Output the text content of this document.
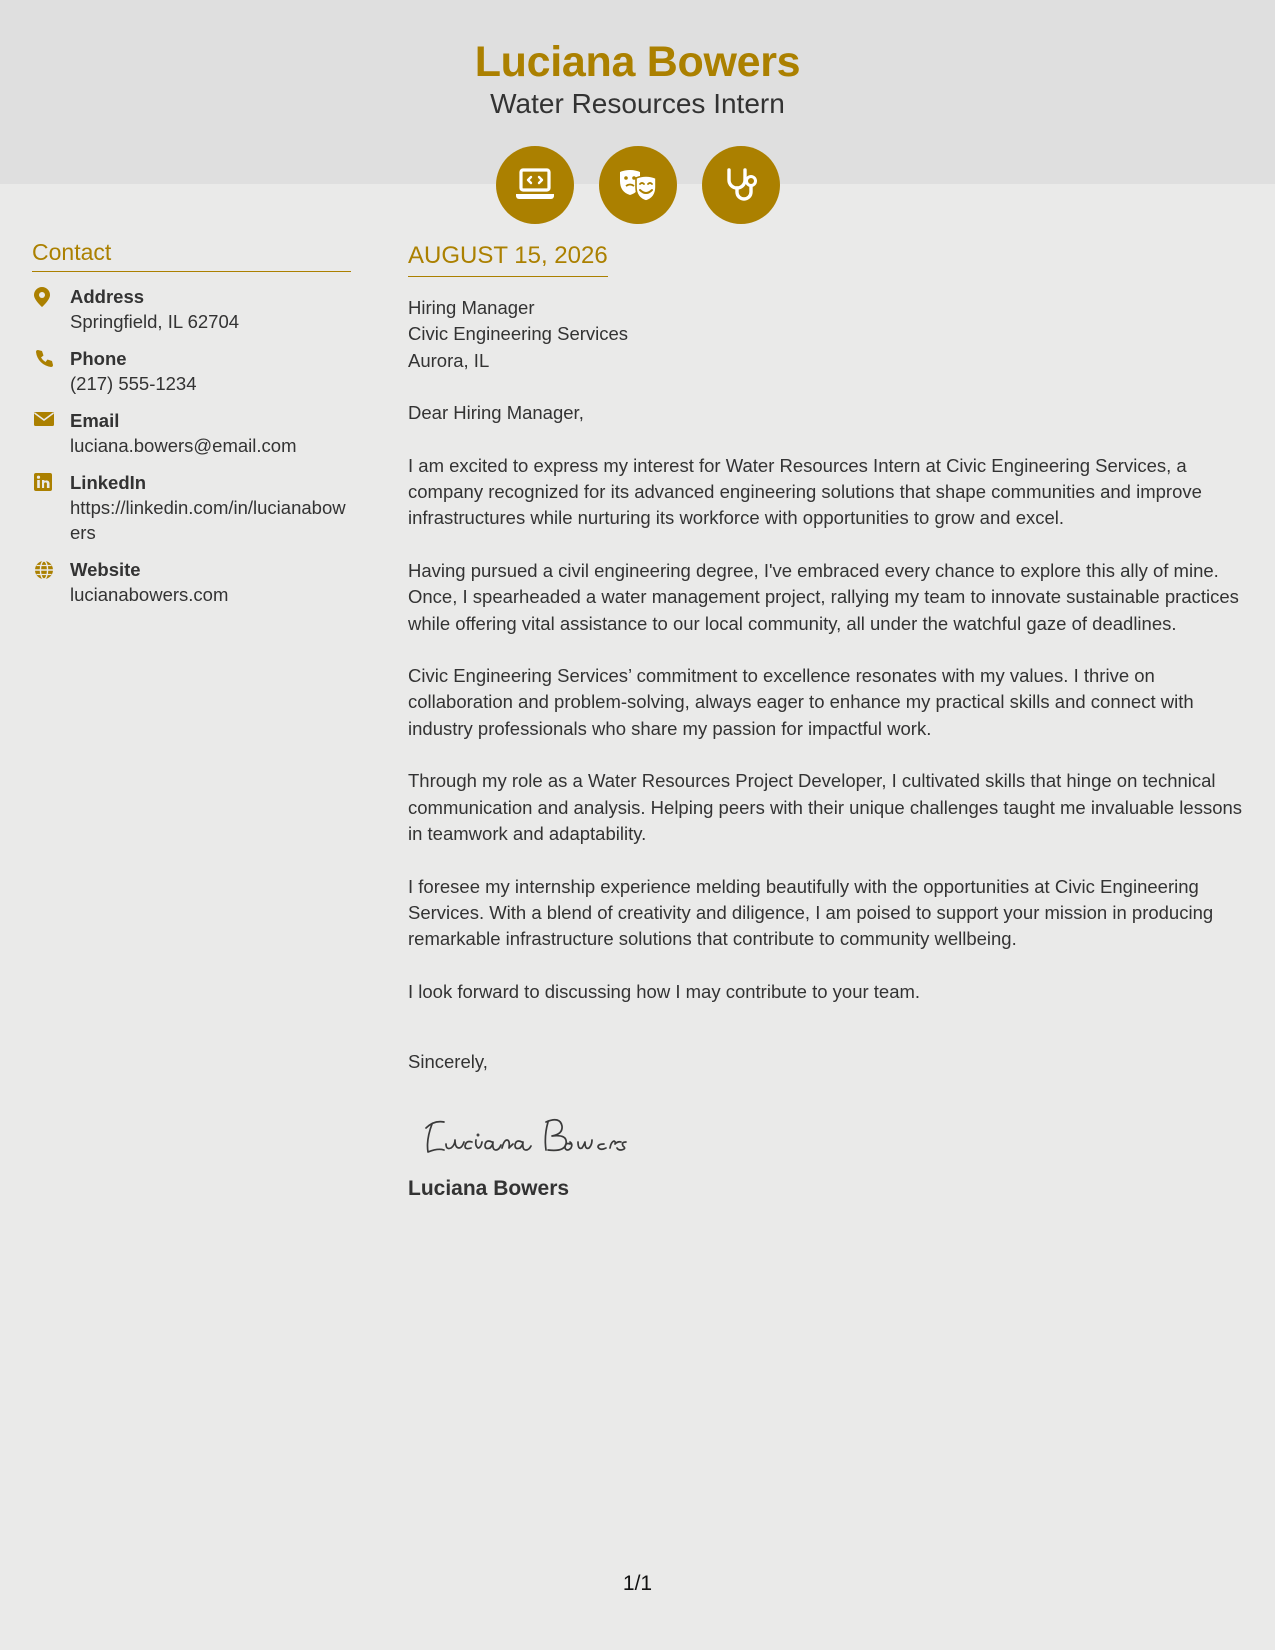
Luciana Bowers
Water Resources Intern
Contact
Address
Springfield, IL 62704
Phone
(217) 555-1234
Email
luciana.bowers@email.com
LinkedIn
https://linkedin.com/in/lucianabowers
Website
lucianabowers.com
AUGUST 15, 2026

Hiring Manager

Civic Engineering Services

Aurora, IL

Dear Hiring Manager,

I am excited to express my interest for Water Resources Intern at Civic Engineering Services, a company recognized for its advanced engineering solutions that shape communities and improve infrastructures while nurturing its workforce with opportunities to grow and excel.

Having pursued a civil engineering degree, I've embraced every chance to explore this ally of mine. Once, I spearheaded a water management project, rallying my team to innovate sustainable practices while offering vital assistance to our local community, all under the watchful gaze of deadlines.

Civic Engineering Services’ commitment to excellence resonates with my values. I thrive on collaboration and problem-solving, always eager to enhance my practical skills and connect with industry professionals who share my passion for impactful work.

Through my role as a Water Resources Project Developer, I cultivated skills that hinge on technical communication and analysis. Helping peers with their unique challenges taught me invaluable lessons in teamwork and adaptability.

I foresee my internship experience melding beautifully with the opportunities at Civic Engineering Services. With a blend of creativity and diligence, I am poised to support your mission in producing remarkable infrastructure solutions that contribute to community wellbeing.

I look forward to discussing how I may contribute to your team.

Sincerely,

Luciana Bowers
1/1
